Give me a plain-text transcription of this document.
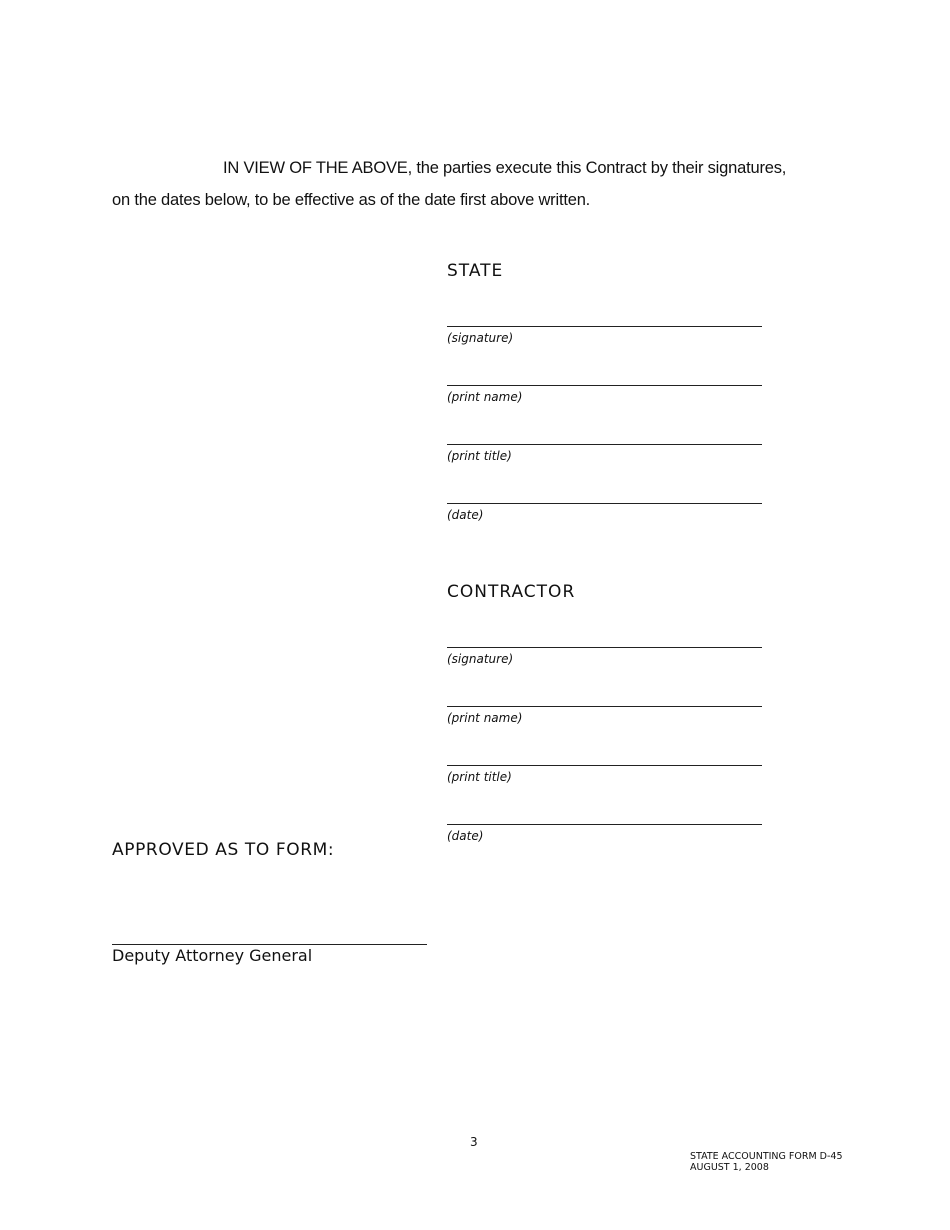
IN VIEW OF THE ABOVE, the parties execute this Contract by their signatures,
on the dates below, to be effective as of the date first above written.
STATE
(signature)
(print name)
(print title)
(date)
CONTRACTOR
(signature)
(print name)
(print title)
(date)
APPROVED AS TO FORM:
Deputy Attorney General
3
STATE ACCOUNTING FORM D-45
AUGUST 1, 2008
